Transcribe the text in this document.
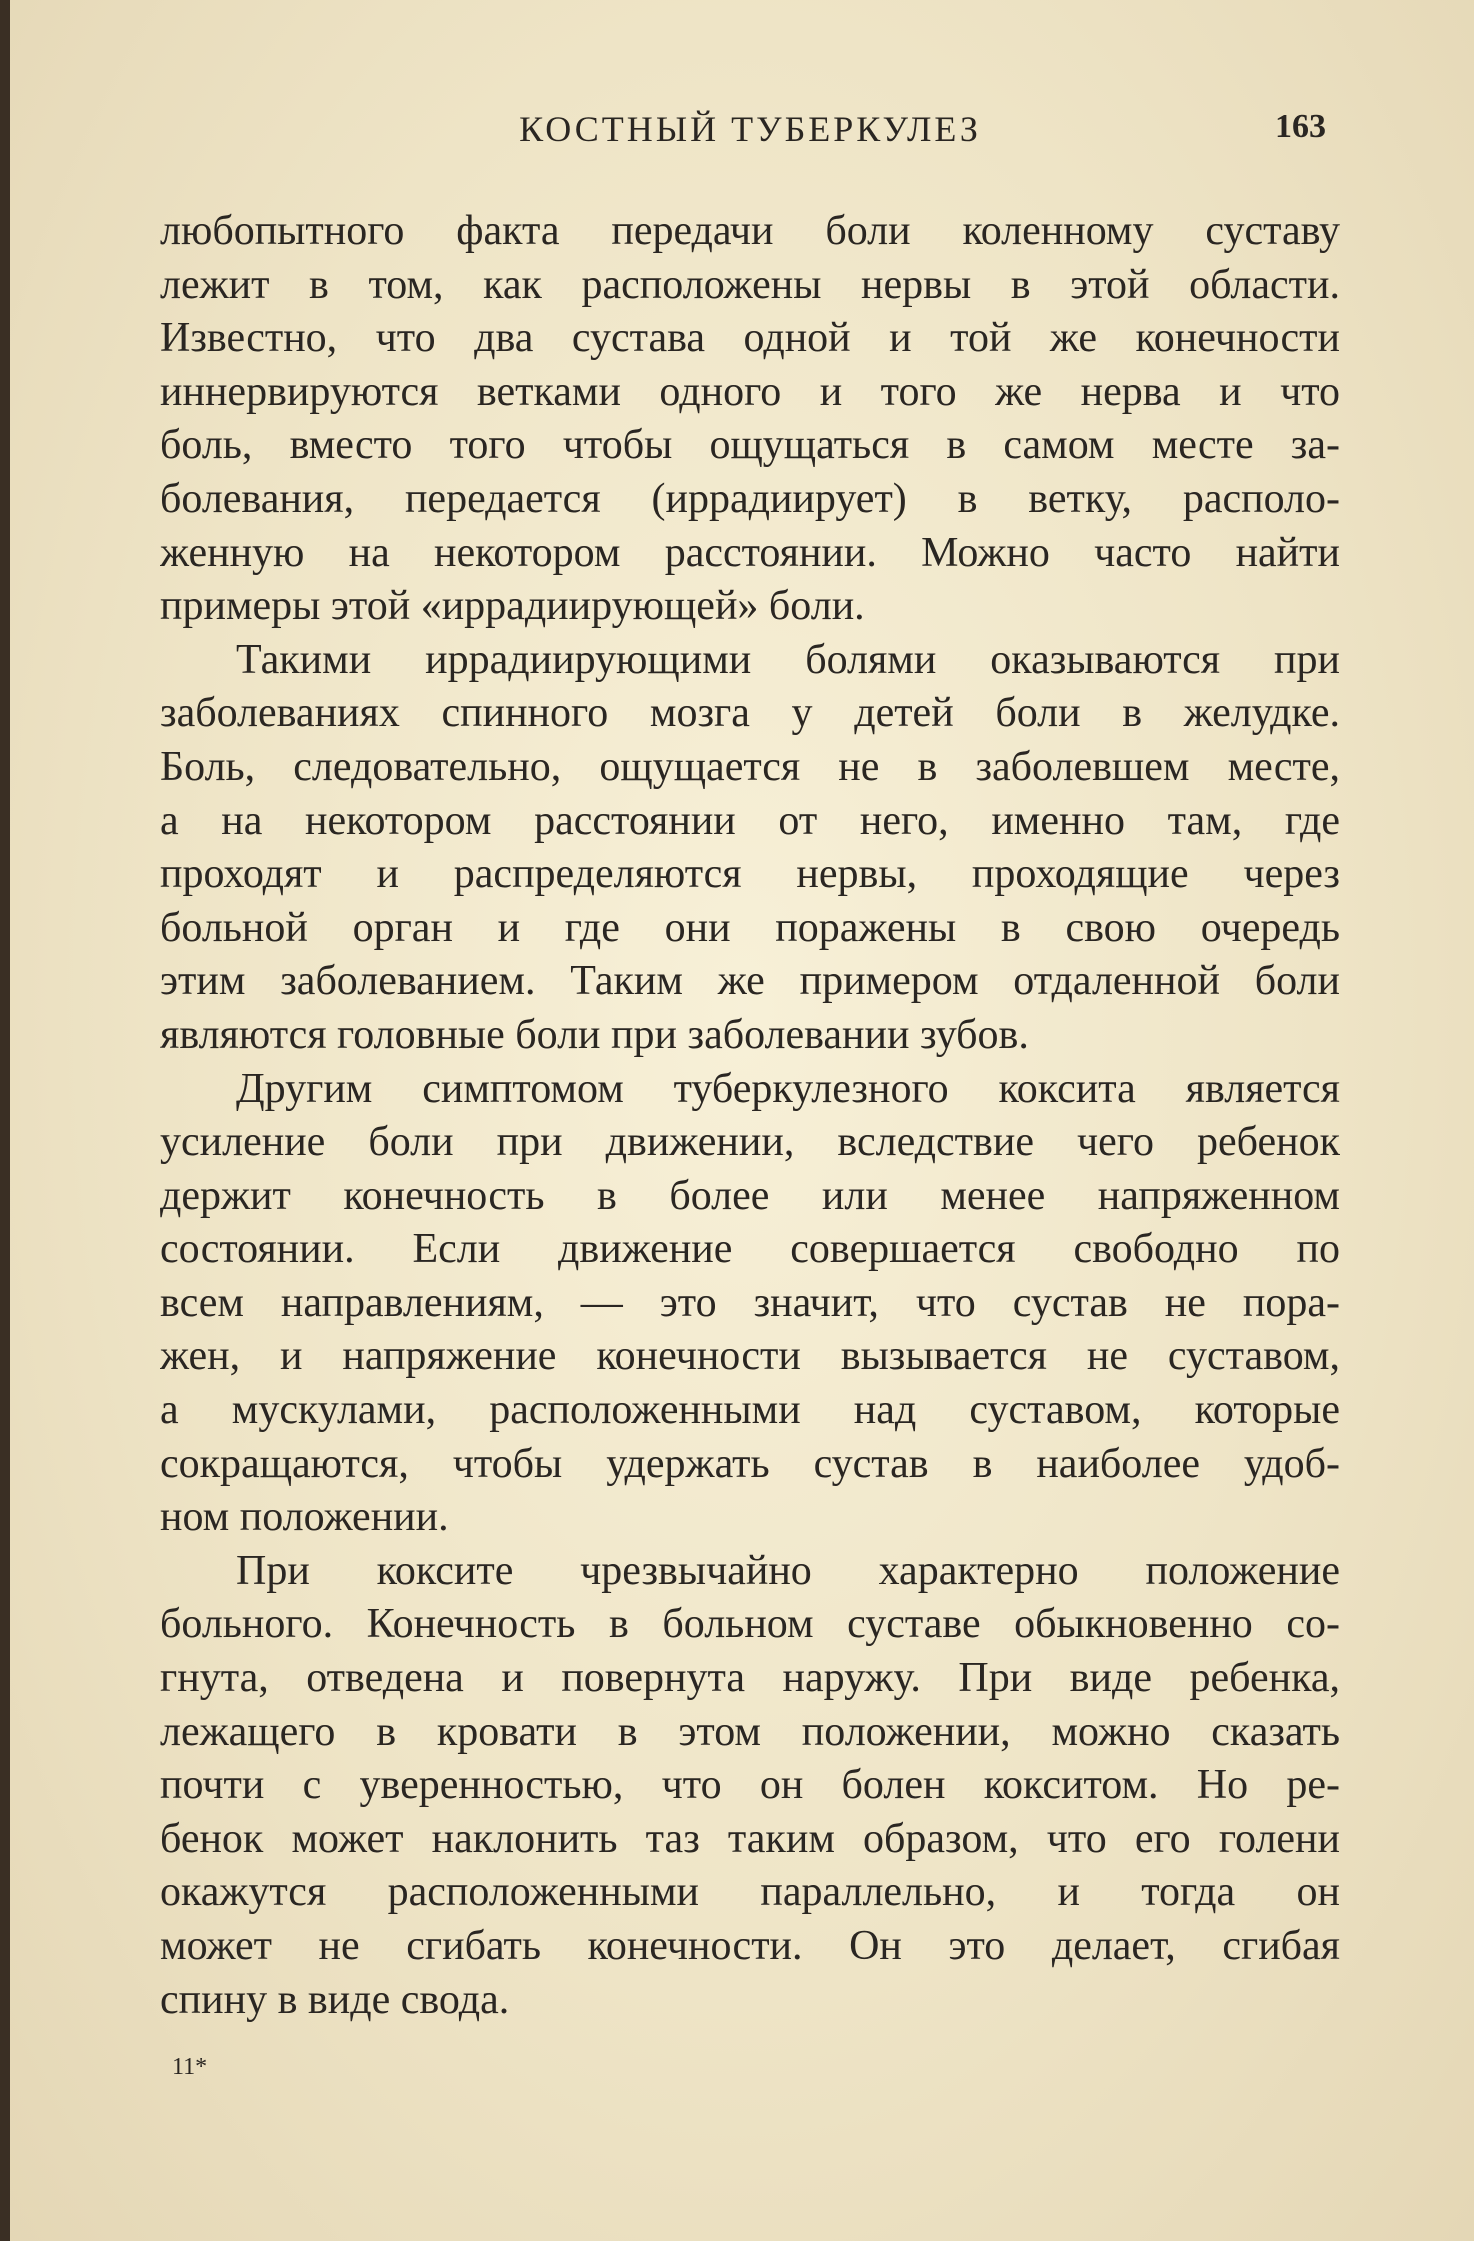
КОСТНЫЙ ТУБЕРКУЛЕЗ	163
любопытного факта передачи боли коленному суставу
лежит в том, как расположены нервы в этой области.
Известно, что два сустава одной и той же конечности
иннервируются ветками одного и того же нерва и что
боль, вместо того чтобы ощущаться в самом месте за-
болевания, передается (иррадиирует) в ветку, располо-
женную на некотором расстоянии. Можно часто найти
примеры этой «иррадиирующей» боли.
Такими иррадиирующими болями оказываются при
заболеваниях спинного мозга у детей боли в желудке.
Боль, следовательно, ощущается не в заболевшем месте,
а на некотором расстоянии от него, именно там, где
проходят и распределяются нервы, проходящие через
больной орган и где они поражены в свою очередь
этим заболеванием. Таким же примером отдаленной боли
являются головные боли при заболевании зубов.
Другим симптомом туберкулезного коксита является
усиление боли при движении, вследствие чего ребенок
держит конечность в более или менее напряженном
состоянии. Если движение совершается свободно по
всем направлениям, — это значит, что сустав не пора-
жен, и напряжение конечности вызывается не суставом,
а мускулами, расположенными над суставом, которые
сокращаются, чтобы удержать сустав в наиболее удоб-
ном положении.
При коксите чрезвычайно характерно положение
больного. Конечность в больном суставе обыкновенно со-
гнута, отведена и повернута наружу. При виде ребенка,
лежащего в кровати в этом положении, можно сказать
почти с уверенностью, что он болен кокситом. Но ре-
бенок может наклонить таз таким образом, что его голени
окажутся расположенными параллельно, и тогда он
может не сгибать конечности. Он это делает, сгибая
спину в виде свода.
11*
